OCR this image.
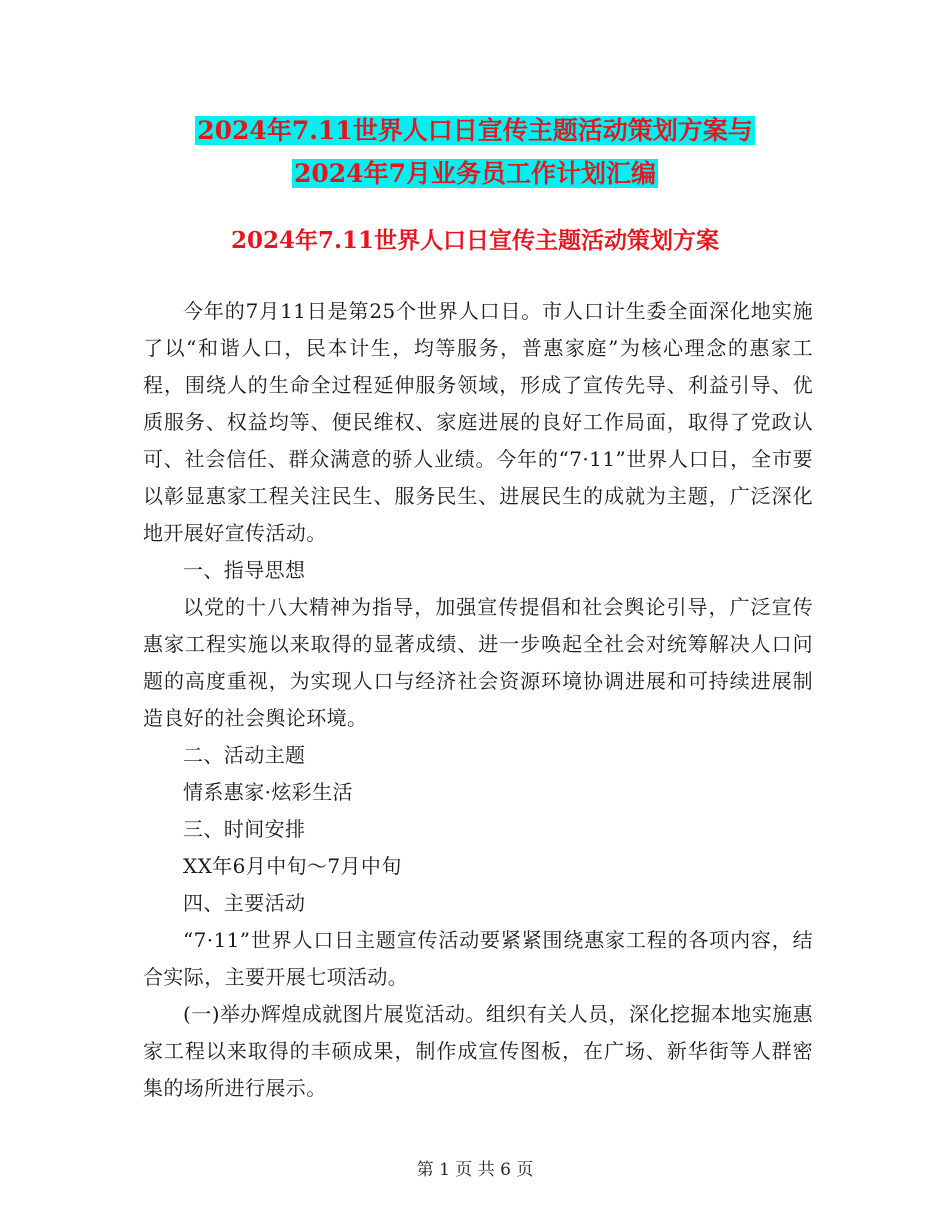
2024年7.11世界人口日宣传主题活动策划方案与
2024年7月业务员工作计划汇编
2024年7.11世界人口日宣传主题活动策划方案

今年的7月11日是第25个世界人口日。市人口计生委全面深化地实施了以“和谐人口，民本计生，均等服务，普惠家庭”为核心理念的惠家工程，围绕人的生命全过程延伸服务领域，形成了宣传先导、利益引导、优质服务、权益均等、便民维权、家庭进展的良好工作局面，取得了党政认可、社会信任、群众满意的骄人业绩。今年的“7·11”世界人口日，全市要以彰显惠家工程关注民生、服务民生、进展民生的成就为主题，广泛深化地开展好宣传活动。

一、指导思想

以党的十八大精神为指导，加强宣传提倡和社会舆论引导，广泛宣传惠家工程实施以来取得的显著成绩、进一步唤起全社会对统筹解决人口问题的高度重视，为实现人口与经济社会资源环境协调进展和可持续进展制造良好的社会舆论环境。

二、活动主题

情系惠家·炫彩生活

三、时间安排

XX年6月中旬～7月中旬

四、主要活动

“7·11”世界人口日主题宣传活动要紧紧围绕惠家工程的各项内容，结合实际，主要开展七项活动。

(一)举办辉煌成就图片展览活动。组织有关人员，深化挖掘本地实施惠家工程以来取得的丰硕成果，制作成宣传图板，在广场、新华街等人群密集的场所进行展示。

第 1 页 共 6 页
